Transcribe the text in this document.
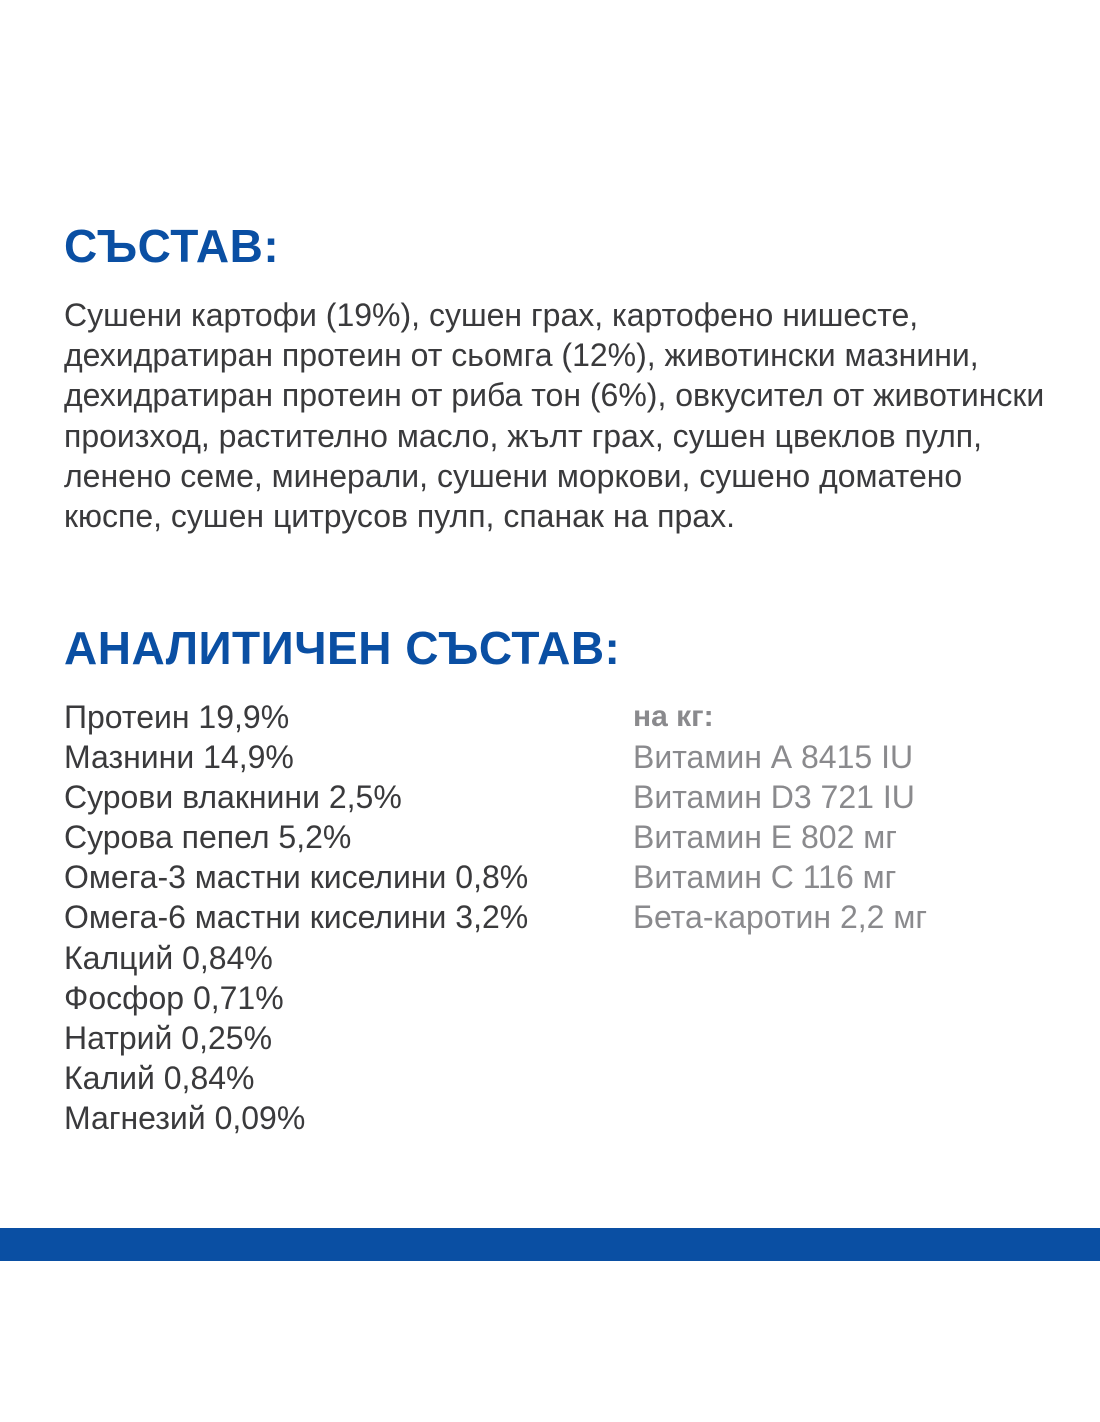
СЪСТАВ:

Сушени картофи (19%), сушен грах, картофено нишесте, дехидратиран протеин от сьомга (12%), животински мазнини, дехидратиран протеин от риба тон (6%), овкусител от животински произход, растително масло, жълт грах, сушен цвеклов пулп, ленено семе, минерали, сушени моркови, сушено доматено кюспе, сушен цитрусов пулп, спанак на прах.

АНАЛИТИЧЕН СЪСТАВ:
Протеин 19,9%
Мазнини 14,9%
Сурови влакнини 2,5%
Сурова пепел 5,2%
Омега-3 мастни киселини 0,8%
Омега-6 мастни киселини 3,2%
Калций 0,84%
Фосфор 0,71%
Натрий 0,25%
Калий 0,84%
Магнезий 0,09%
на кг:
Витамин А 8415 IU
Витамин D3 721 IU
Витамин Е 802 мг
Витамин С 116 мг
Бета-каротин 2,2 мг
